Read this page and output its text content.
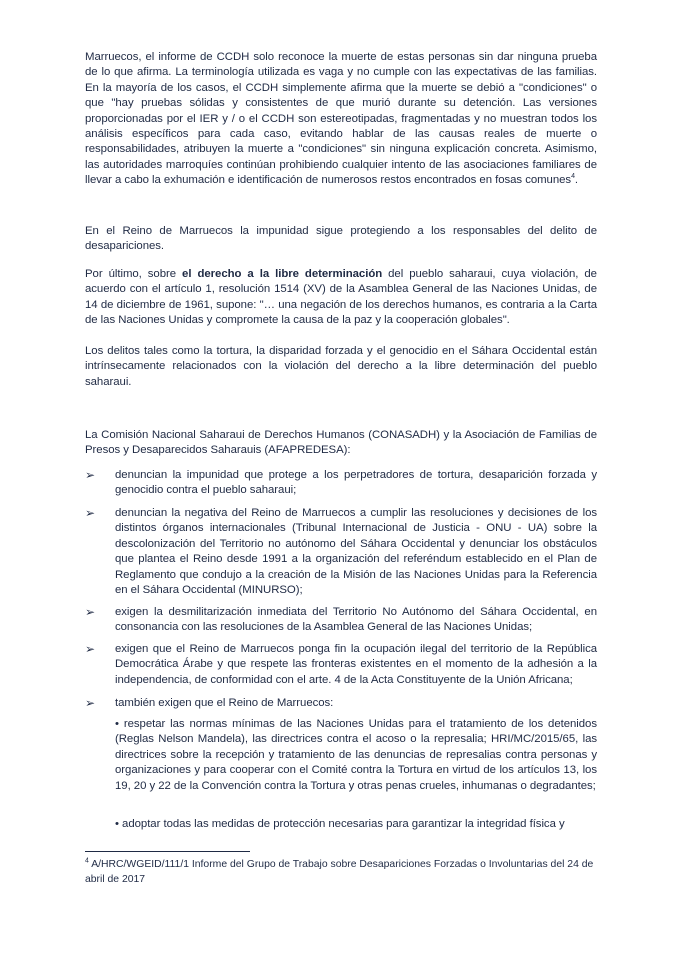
Marruecos, el informe de CCDH solo reconoce la muerte de estas personas sin dar ninguna prueba de lo que afirma. La terminología utilizada es vaga y no cumple con las expectativas de las familias. En la mayoría de los casos, el CCDH simplemente afirma que la muerte se debió a "condiciones" o que "hay pruebas sólidas y consistentes de que murió durante su detención. Las versiones proporcionadas por el IER y / o el CCDH son estereotipadas, fragmentadas y no muestran todos los análisis específicos para cada caso, evitando hablar de las causas reales de muerte o responsabilidades, atribuyen la muerte a "condiciones" sin ninguna explicación concreta. Asimismo, las autoridades marroquíes continúan prohibiendo cualquier intento de las asociaciones familiares de llevar a cabo la exhumación e identificación de numerosos restos encontrados en fosas comunes$^4$.
En el Reino de Marruecos la impunidad sigue protegiendo a los responsables del delito de desapariciones.
Por último, sobre el derecho a la libre determinación del pueblo saharaui, cuya violación, de acuerdo con el artículo 1, resolución 1514 (XV) de la Asamblea General de las Naciones Unidas, de 14 de diciembre de 1961, supone: "… una negación de los derechos humanos, es contraria a la Carta de las Naciones Unidas y compromete la causa de la paz y la cooperación globales".
Los delitos tales como la tortura, la disparidad forzada y el genocidio en el Sáhara Occidental están intrínsecamente relacionados con la violación del derecho a la libre determinación del pueblo saharaui.
La Comisión Nacional Saharaui de Derechos Humanos (CONASADH) y la Asociación de Familias de Presos y Desaparecidos Saharauis (AFAPREDESA):
➢ denuncian la impunidad que protege a los perpetradores de tortura, desaparición forzada y genocidio contra el pueblo saharaui;
➢ denuncian la negativa del Reino de Marruecos a cumplir las resoluciones y decisiones de los distintos órganos internacionales (Tribunal Internacional de Justicia - ONU - UA) sobre la descolonización del Territorio no autónomo del Sáhara Occidental y denunciar los obstáculos que plantea el Reino desde 1991 a la organización del referéndum establecido en el Plan de Reglamento que condujo a la creación de la Misión de las Naciones Unidas para la Referencia en el Sáhara Occidental (MINURSO);
➢ exigen la desmilitarización inmediata del Territorio No Autónomo del Sáhara Occidental, en consonancia con las resoluciones de la Asamblea General de las Naciones Unidas;
➢ exigen que el Reino de Marruecos ponga fin la ocupación ilegal del territorio de la República Democrática Árabe y que respete las fronteras existentes en el momento de la adhesión a la independencia, de conformidad con el arte. 4 de la Acta Constituyente de la Unión Africana;
➢ también exigen que el Reino de Marruecos:
• respetar las normas mínimas de las Naciones Unidas para el tratamiento de los detenidos (Reglas Nelson Mandela), las directrices contra el acoso o la represalia; HRI/MC/2015/65, las directrices sobre la recepción y tratamiento de las denuncias de represalias contra personas y organizaciones y para cooperar con el Comité contra la Tortura en virtud de los artículos 13, los 19, 20 y 22 de la Convención contra la Tortura y otras penas crueles, inhumanas o degradantes;
• adoptar todas las medidas de protección necesarias para garantizar la integridad física y
$^4$ A/HRC/WGEID/111/1 Informe del Grupo de Trabajo sobre Desapariciones Forzadas o Involuntarias del 24 de abril de 2017
